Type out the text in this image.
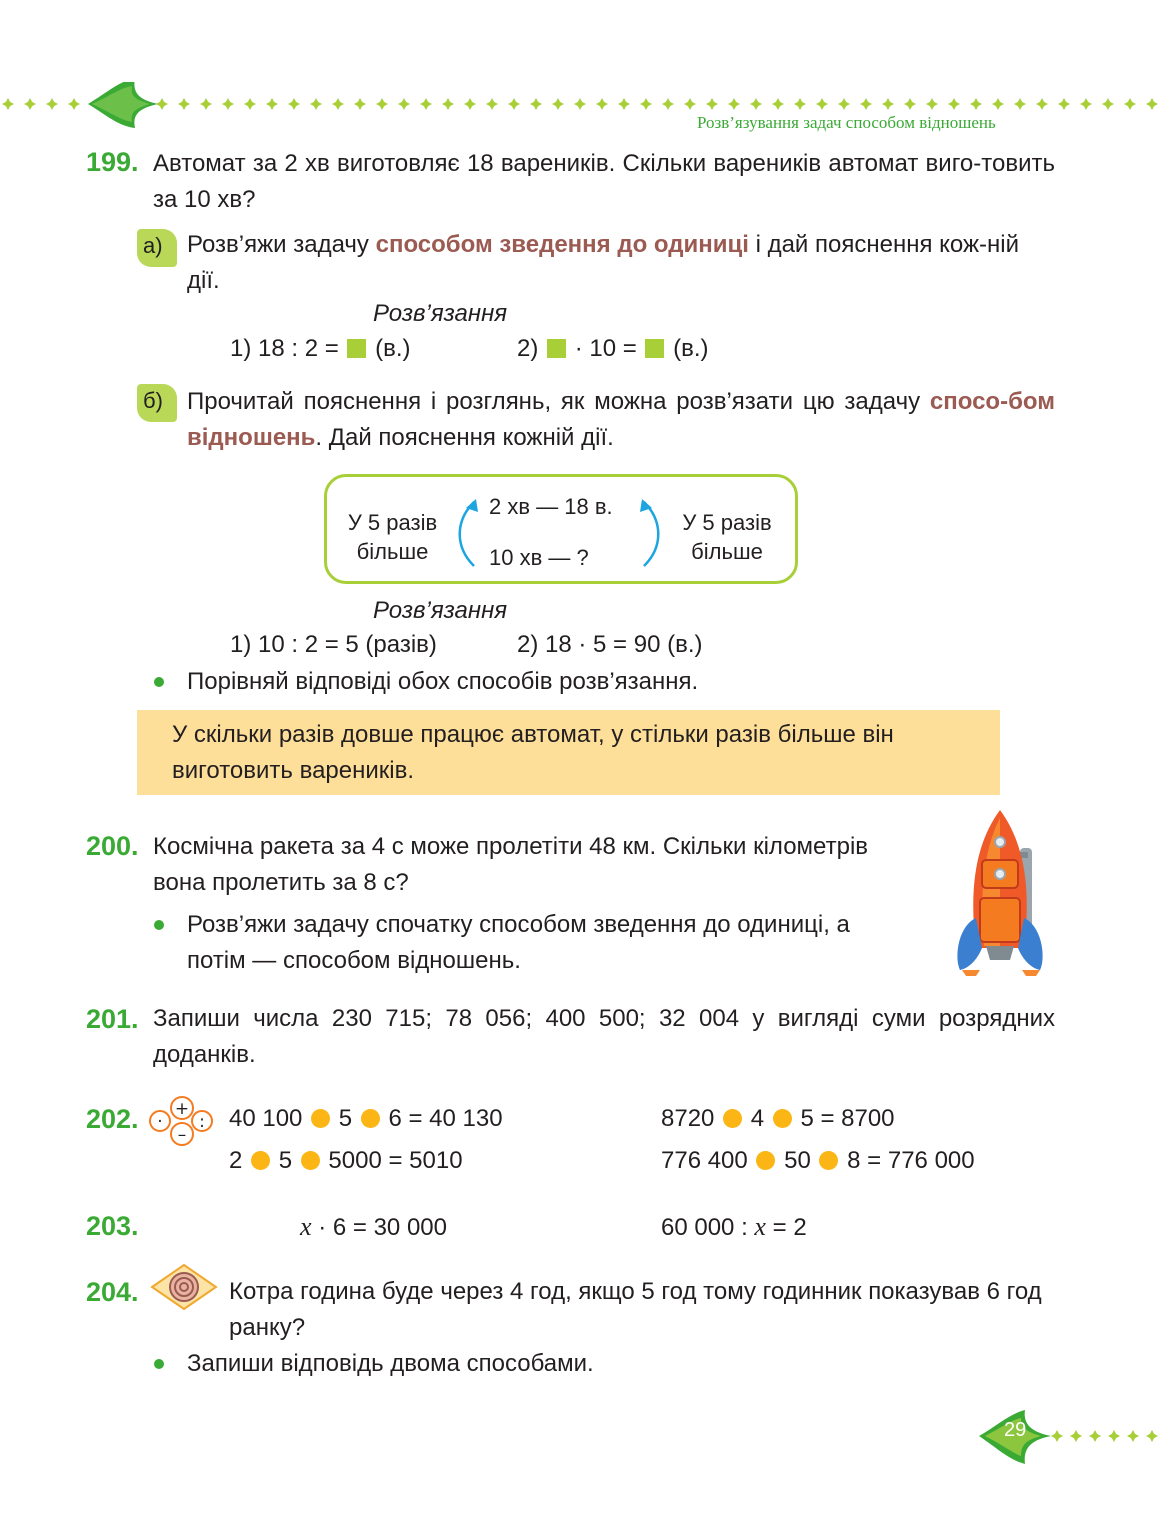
Розв’язування задач способом відношень
199. Автомат за 2 хв виготовляє 18 вареників. Скільки вареників автомат виго-товить за 10 хв?
а)	Розв’яжи задачу способом зведення до одиниці і дай пояснення кож-ній дії.
Розв’язання
1) 18 : 2 = (в.)	2) · 10 = (в.)
б)	Прочитай пояснення і розглянь, як можна розв’язати цю задачу спосо-бом відношень. Дай пояснення кожній дії.
У 5 разів більше
2 хв — 18 в.
10 хв — ?
У 5 разів більше
Розв’язання
1) 10 : 2 = 5 (разів)	2) 18 · 5 = 90 (в.)
Порівняй відповіді обох способів розв’язання.
У скільки разів довше працює автомат, у стільки разів більше він виготовить вареників.
200. Космічна ракета за 4 с може пролетіти 48 км. Скільки кілометрів вона пролетить за 8 с?
Розв’яжи задачу спочатку способом зведення до одиниці, а потім — способом відношень.
201. Запиши числа 230 715; 78 056; 400 500; 32 004 у вигляді суми розрядних доданків.
202. +
–
· : 40 100 5 6 = 40 130	8720 4 5 = 8700
2 5 5000 = 5010	776 400 50 8 = 776 000
203.	x · 6 = 30 000	60 000 : x = 2
204.	Котра година буде через 4 год, якщо 5 год тому годинник показував 6 год ранку?
Запиши відповідь двома способами.
29
